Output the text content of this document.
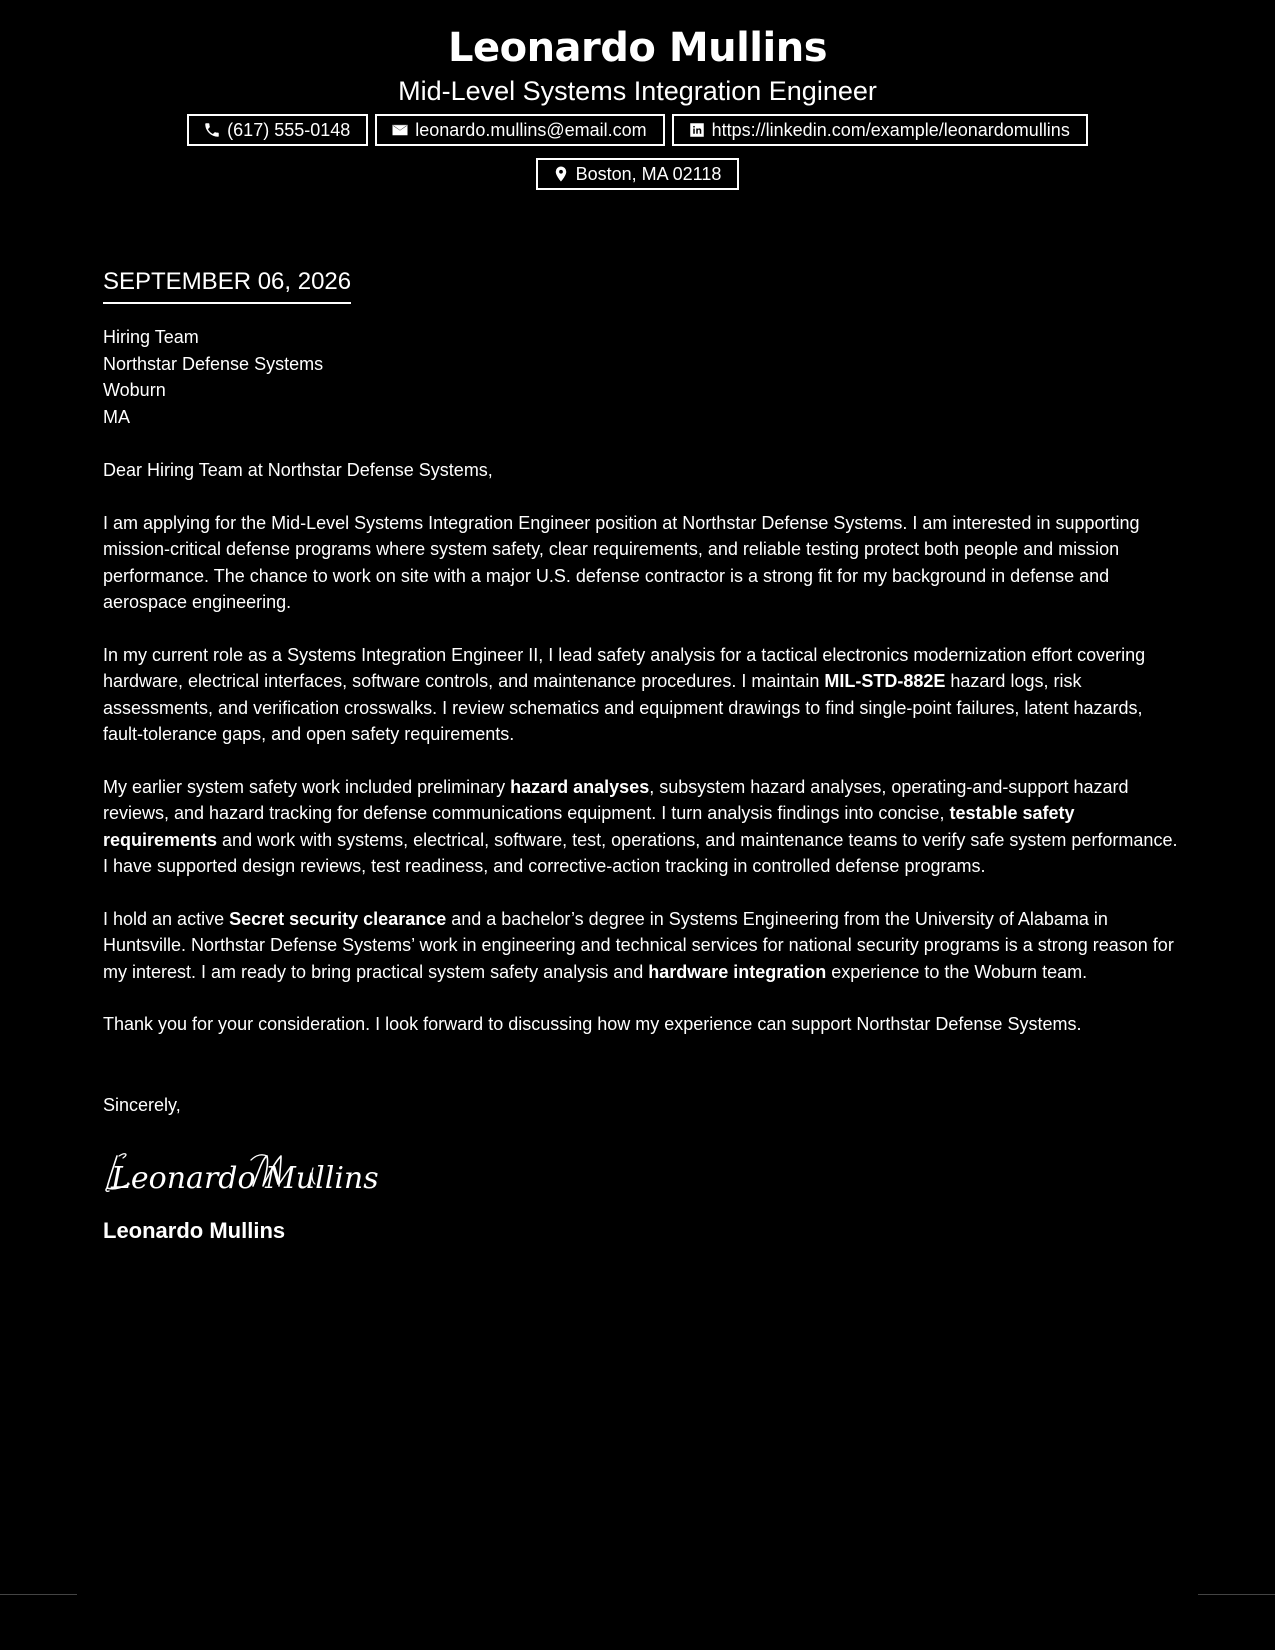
Leonardo Mullins
Mid-Level Systems Integration Engineer
(617) 555-0148	leonardo.mullins@email.com	https://linkedin.com/example/leonardomullins
Boston, MA 02118
SEPTEMBER 06, 2026
Hiring Team
Northstar Defense Systems
Woburn
MA
Dear Hiring Team at Northstar Defense Systems,

I am applying for the Mid-Level Systems Integration Engineer position at Northstar Defense Systems. I am interested in supporting mission-critical defense programs where system safety, clear requirements, and reliable testing protect both people and mission performance. The chance to work on site with a major U.S. defense contractor is a strong fit for my background in defense and aerospace engineering.

In my current role as a Systems Integration Engineer II, I lead safety analysis for a tactical electronics modernization effort covering hardware, electrical interfaces, software controls, and maintenance procedures. I maintain MIL-STD-882E hazard logs, risk assessments, and verification crosswalks. I review schematics and equipment drawings to find single-point failures, latent hazards, fault-tolerance gaps, and open safety requirements.

My earlier system safety work included preliminary hazard analyses, subsystem hazard analyses, operating-and-support hazard reviews, and hazard tracking for defense communications equipment. I turn analysis findings into concise, testable safety requirements and work with systems, electrical, software, test, operations, and maintenance teams to verify safe system performance. I have supported design reviews, test readiness, and corrective-action tracking in controlled defense programs.

I hold an active Secret security clearance and a bachelor’s degree in Systems Engineering from the University of Alabama in Huntsville. Northstar Defense Systems’ work in engineering and technical services for national security programs is a strong reason for my interest. I am ready to bring practical system safety analysis and hardware integration experience to the Woburn team.

Thank you for your consideration. I look forward to discussing how my experience can support Northstar Defense Systems.

Sincerely,
Leonardo Mullins
Leonardo Mullins
